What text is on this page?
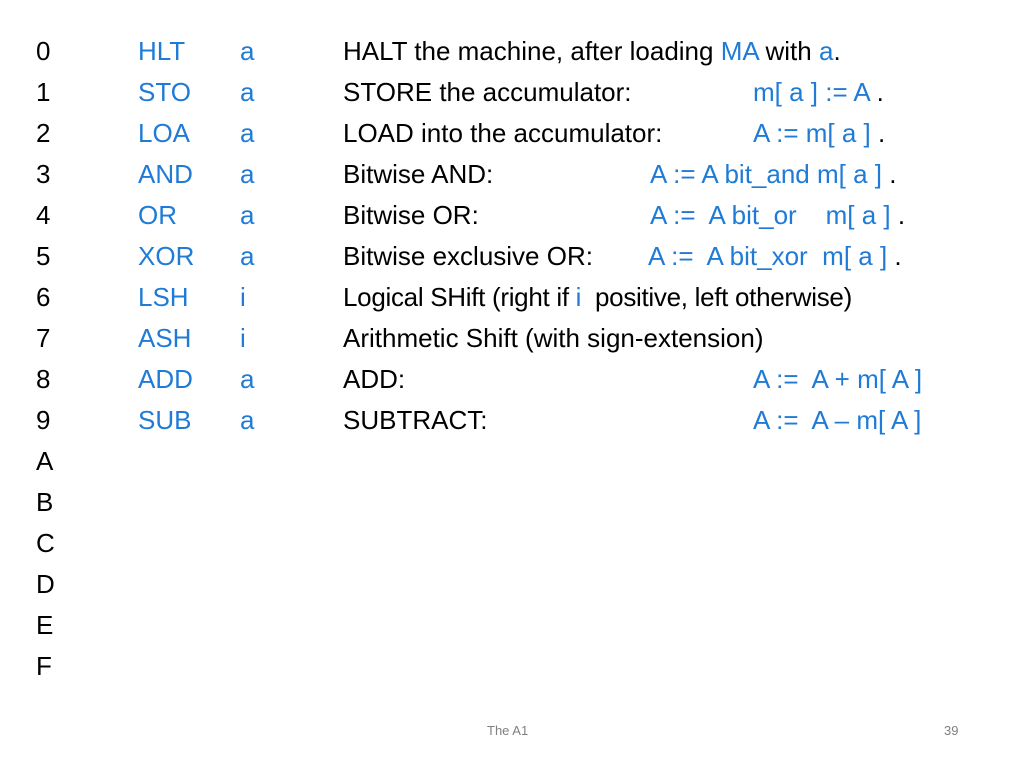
0	HLT a	HALT the machine, after loading MA with a.
1	STO a	STORE the accumulator:	m[ a ] := A .
2	LOA a	LOAD into the accumulator:	A := m[ a ] .
3	AND a	Bitwise AND:	A := A bit_and m[ a ] .
4	OR a	Bitwise OR:	A :=  A bit_or    m[ a ] .
5	XOR a	Bitwise exclusive OR: A :=  A bit_xor  m[ a ] .
6	LSH i	Logical SHift (right if i  positive, left otherwise)
7	ASH i	Arithmetic Shift (with sign-extension)
8	ADD a	ADD:	A :=  A + m[ A ]
9	SUB a	SUBTRACT:	A :=  A – m[ A ]
A
B
C
D
E
F
The A1	39
